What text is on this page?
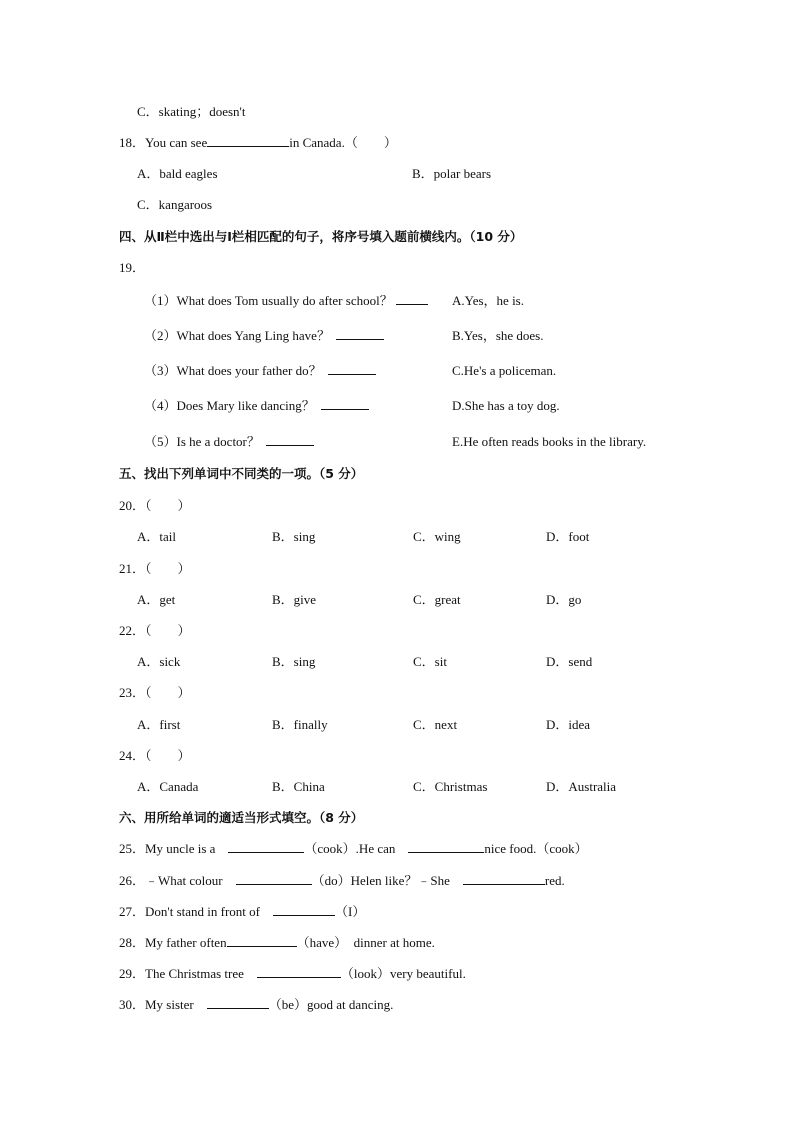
C．skating；doesn't
18．You can see	in Canada.（　　）
A．bald eagles	B．polar bears
C．kangaroos
四、从Ⅱ栏中选出与Ⅰ栏相匹配的句子，将序号填入题前横线内。（10 分）
19．
（1）What does Tom usually do after school？	A.Yes，he is.
（2）What does Yang Ling have？	B.Yes，she does.
（3）What does your father do？	C.He's a policeman.
（4）Does Mary like dancing？	D.She has a toy dog.
（5）Is he a doctor？	E.He often reads books in the library.
五、找出下列单词中不同类的一项。（5 分）
20．（　　）
A．tail	B．sing	C．wing	D．foot
21．（　　）
A．get	B．give	C．great	D．go
22．（　　）
A．sick	B．sing	C．sit	D．send
23．（　　）
A．first	B．finally	C．next	D．idea
24．（　　）
A．Canada	B．China	C．Christmas	D．Australia
六、用所给单词的適适当形式填空。（8 分）
25．My uncle is a	（cook）.He can	nice food.（cook）
26．﹣What colour	（do）Helen like？﹣She	red.
27．Don't stand in front of	（I）
28．My father often	（have）  dinner at home.
29．The Christmas tree	（look）very beautiful.
30．My sister	（be）good at dancing.
